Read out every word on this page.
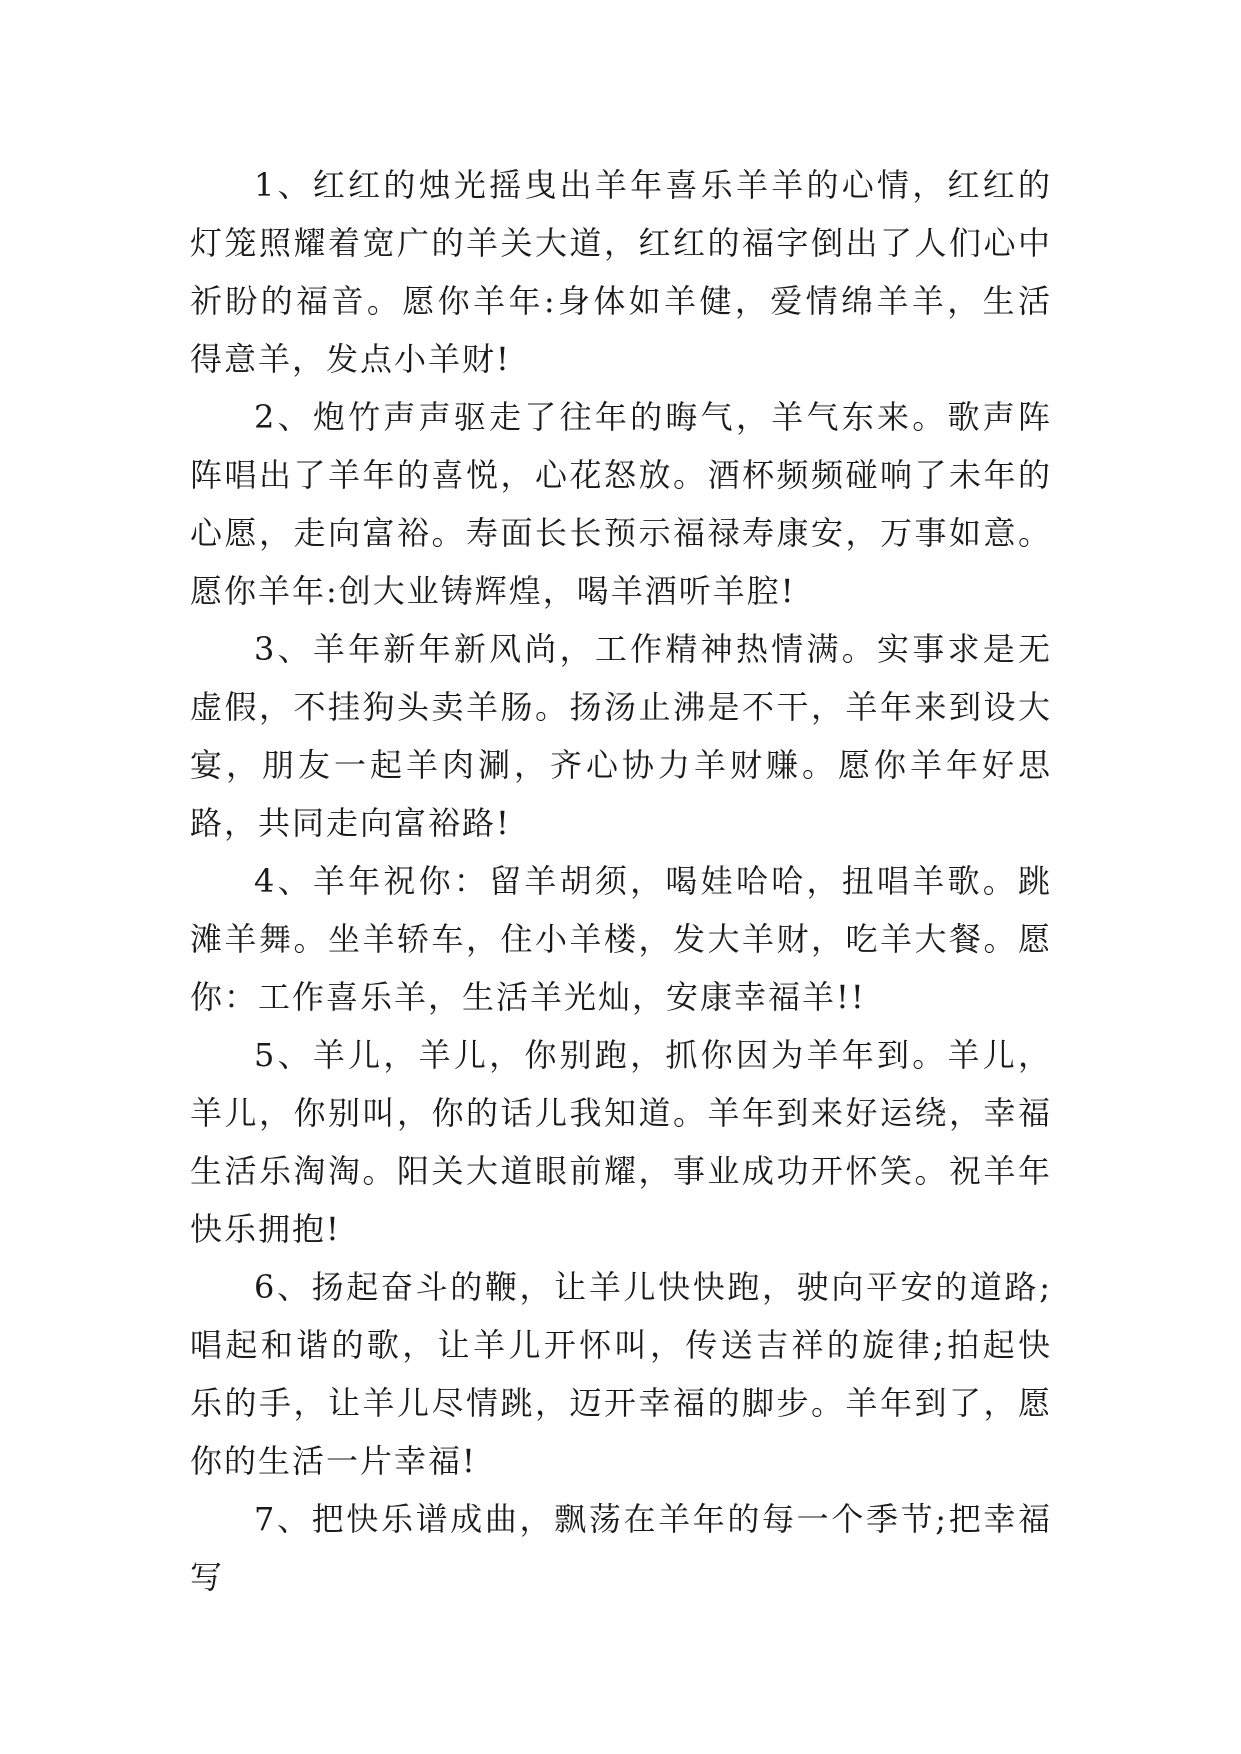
1、红红的烛光摇曳出羊年喜乐羊羊的心情，红红的灯笼照耀着宽广的羊关大道，红红的福字倒出了人们心中祈盼的福音。愿你羊年:身体如羊健，爱情绵羊羊，生活得意羊，发点小羊财!

2、炮竹声声驱走了往年的晦气，羊气东来。歌声阵阵唱出了羊年的喜悦，心花怒放。酒杯频频碰响了未年的心愿，走向富裕。寿面长长预示福禄寿康安，万事如意。愿你羊年:创大业铸辉煌，喝羊酒听羊腔!

3、羊年新年新风尚，工作精神热情满。实事求是无虚假，不挂狗头卖羊肠。扬汤止沸是不干，羊年来到设大宴，朋友一起羊肉涮，齐心协力羊财赚。愿你羊年好思路，共同走向富裕路!

4、羊年祝你：留羊胡须，喝娃哈哈，扭唱羊歌。跳滩羊舞。坐羊轿车，住小羊楼，发大羊财，吃羊大餐。愿你：工作喜乐羊，生活羊光灿，安康幸福羊!!

5、羊儿，羊儿，你别跑，抓你因为羊年到。羊儿，羊儿，你别叫，你的话儿我知道。羊年到来好运绕，幸福生活乐淘淘。阳关大道眼前耀，事业成功开怀笑。祝羊年快乐拥抱!

6、扬起奋斗的鞭，让羊儿快快跑，驶向平安的道路;唱起和谐的歌，让羊儿开怀叫，传送吉祥的旋律;拍起快乐的手，让羊儿尽情跳，迈开幸福的脚步。羊年到了，愿你的生活一片幸福!

7、把快乐谱成曲，飘荡在羊年的每一个季节;把幸福写
